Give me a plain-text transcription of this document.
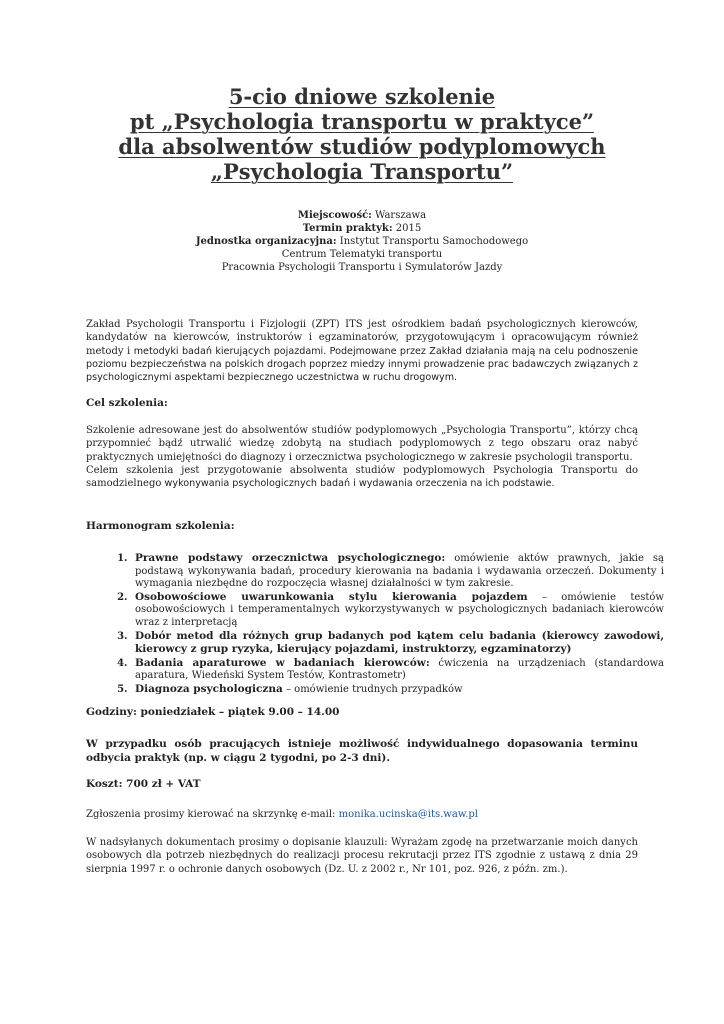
5-cio dniowe szkolenie
pt „Psychologia transportu w praktyce”
dla absolwentów studiów podyplomowych
„Psychologia Transportu”
Miejscowość: Warszawa
Termin praktyk: 2015
Jednostka organizacyjna: Instytut Transportu Samochodowego
Centrum Telematyki transportu
Pracownia Psychologii Transportu i Symulatorów Jazdy
Zakład Psychologii Transportu i Fizjologii (ZPT) ITS jest ośrodkiem badań psychologicznych kierowców, kandydatów na kierowców, instruktorów i egzaminatorów, przygotowującym i opracowującym również metody i metodyki badań kierujących pojazdami. Podejmowane przez Zakład działania mają na celu podnoszenie poziomu bezpieczeństwa na polskich drogach poprzez miedzy innymi prowadzenie prac badawczych związanych z psychologicznymi aspektami bezpiecznego uczestnictwa w ruchu drogowym.
Cel szkolenia:
Szkolenie adresowane jest do absolwentów studiów podyplomowych „Psychologia Transportu”, którzy chcą przypomnieć bądź utrwalić wiedzę zdobytą na studiach podyplomowych z tego obszaru oraz nabyć praktycznych umiejętności do diagnozy i orzecznictwa psychologicznego w zakresie psychologii transportu.
Celem szkolenia jest przygotowanie absolwenta studiów podyplomowych Psychologia Transportu do samodzielnego wykonywania psychologicznych badań i wydawania orzeczenia na ich podstawie.
Harmonogram szkolenia:
1. Prawne podstawy orzecznictwa psychologicznego: omówienie aktów prawnych, jakie są podstawą wykonywania badań, procedury kierowania na badania i wydawania orzeczeń. Dokumenty i wymagania niezbędne do rozpoczęcia własnej działalności w tym zakresie.
2. Osobowościowe uwarunkowania stylu kierowania pojazdem – omówienie testów osobowościowych i temperamentalnych wykorzystywanych w psychologicznych badaniach kierowców wraz z interpretacją
3. Dobór metod dla różnych grup badanych pod kątem celu badania (kierowcy zawodowi, kierowcy z grup ryzyka, kierujący pojazdami, instruktorzy, egzaminatorzy)
4. Badania aparaturowe w badaniach kierowców: ćwiczenia na urządzeniach (standardowa aparatura, Wiedeński System Testów, Kontrastometr)
5. Diagnoza psychologiczna – omówienie trudnych przypadków
Godziny: poniedziałek – piątek 9.00 – 14.00
W przypadku osób pracujących istnieje możliwość indywidualnego dopasowania terminu odbycia praktyk (np. w ciągu 2 tygodni, po 2-3 dni).
Koszt: 700 zł + VAT
Zgłoszenia prosimy kierować na skrzynkę e-mail: monika.ucinska@its.waw.pl
W nadsyłanych dokumentach prosimy o dopisanie klauzuli: Wyrażam zgodę na przetwarzanie moich danych osobowych dla potrzeb niezbędnych do realizacji procesu rekrutacji przez ITS zgodnie z ustawą z dnia 29 sierpnia 1997 r. o ochronie danych osobowych (Dz. U. z 2002 r., Nr 101, poz. 926, z późn. zm.).
